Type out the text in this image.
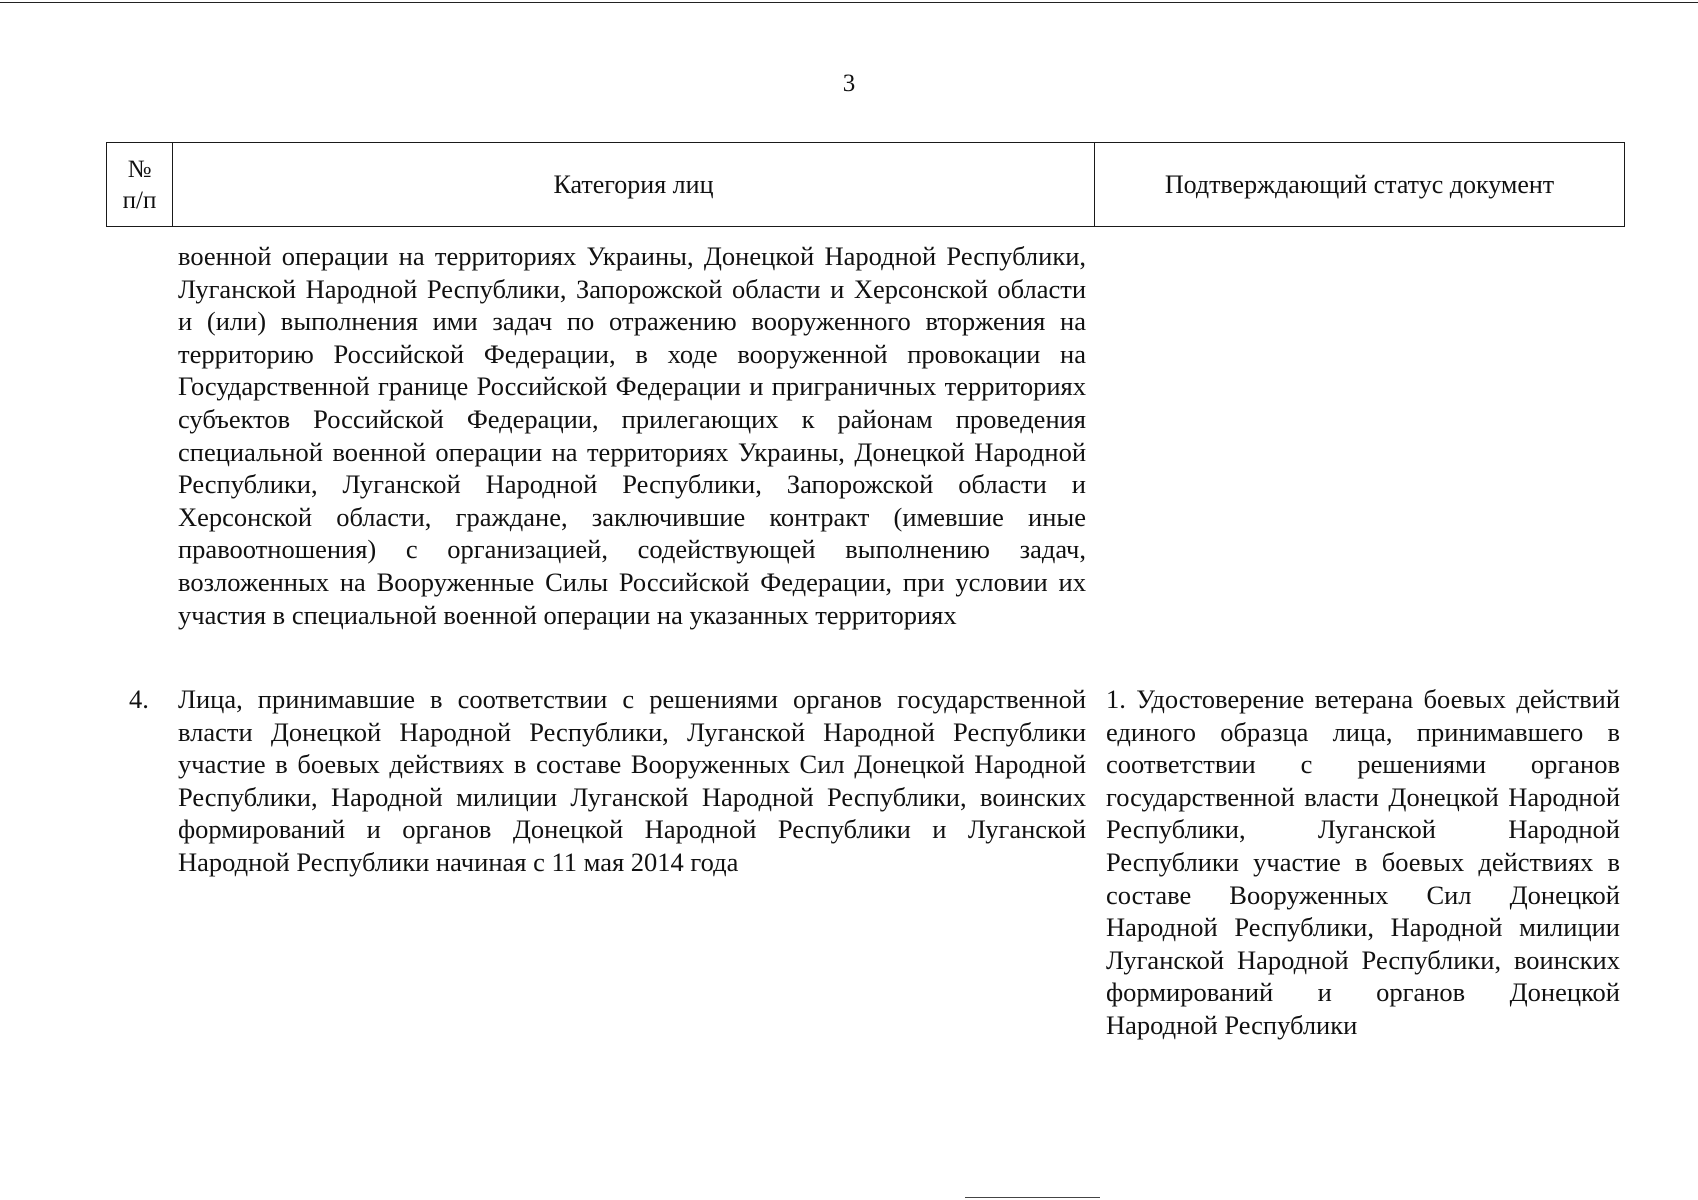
3
№
п/п
Категория лиц	Подтверждающий статус документ
военной операции на территориях Украины, Донецкой Народной Республики, Луганской Народной Республики, Запорожской области и Херсонской области и (или) выполнения ими задач по отражению вооруженного вторжения на территорию Российской Федерации, в ходе вооруженной провокации на Государственной границе Российской Федерации и приграничных территориях субъектов Российской Федерации, прилегающих к районам проведения специальной военной операции на территориях Украины, Донецкой Народной Республики, Луганской Народной Республики, Запорожской области и Херсонской области, граждане, заключившие контракт (имевшие иные правоотношения) с организацией, содействующей выполнению задач, возложенных на Вооруженные Силы Российской Федерации, при условии их участия в специальной военной операции на указанных территориях
4. Лица, принимавшие в соответствии с решениями органов государственной власти Донецкой Народной Республики, Луганской Народной Республики участие в боевых действиях в составе Вооруженных Сил Донецкой Народной Республики, Народной милиции Луганской Народной Республики, воинских формирований и органов Донецкой Народной Республики и Луганской Народной Республики начиная с 11 мая 2014 года
1. Удостоверение ветерана боевых действий единого образца лица, принимавшего в соответствии с решениями органов государственной власти Донецкой Народной Республики, Луганской Народной Республики участие в боевых действиях в составе Вооруженных Сил Донецкой Народной Республики, Народной милиции Луганской Народной Республики, воинских формирований и органов Донецкой Народной Республики
